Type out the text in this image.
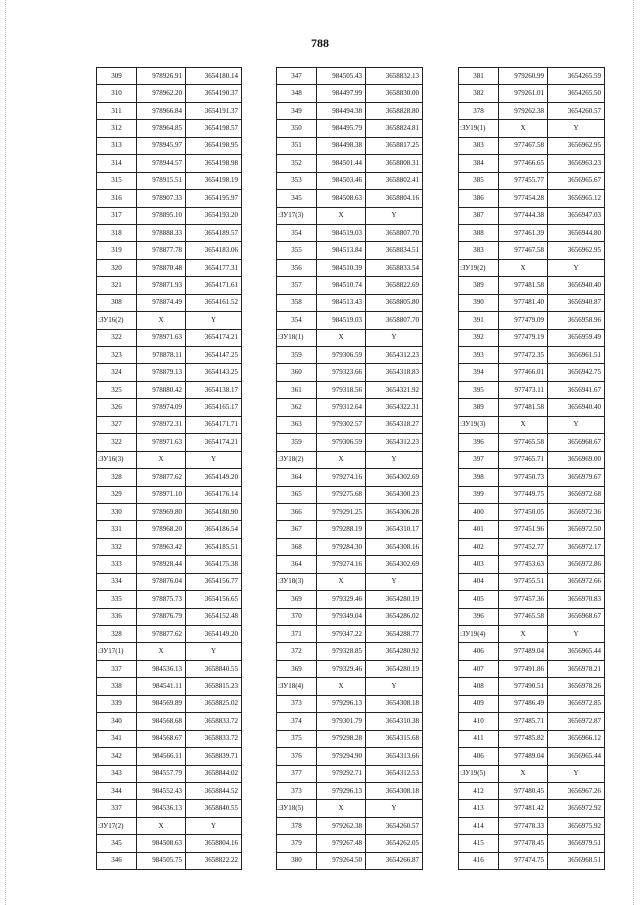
788
309	978926.91	3654180.14
310	978962.20	3654190.37
311	978966.84	3654191.37
312	978964.85	3654198.57
313	978945.97	3654198.95
314	978944.57	3654198.98
315	978915.51	3654198.19
316	978907.33	3654195.97
317	978895.10	3654193.20
318	978888.33	3654189.57
319	978877.78	3654183.06
320	978870.48	3654177.31
321	978871.93	3654171.61
308	978874.49	3654161.52
:ЗУ16(2)	X	Y
322	978971.63	3654174.21
323	978878.11	3654147.25
324	978879.13	3654143.25
325	978880.42	3654138.17
326	978974.09	3654165.17
327	978972.31	3654171.71
322	978971.63	3654174.21
:ЗУ16(3)	X	Y
328	978877.62	3654149.20
329	978971.10	3654176.14
330	978969.80	3654180.90
331	978968.20	3654186.54
332	978963.42	3654185.51
333	978928.44	3654175.38
334	978876.04	3654156.77
335	978875.73	3654156.65
336	978876.79	3654152.48
328	978877.62	3654149.20
:ЗУ17(1)	X	Y
337	984536.13	3658840.55
338	984541.11	3658815.23
339	984569.89	3658825.02
340	984568.68	3658833.72
341	984568.67	3658833.72
342	984566.11	3658839.71
343	984557.79	3658844.02
344	984552.43	3658844.52
337	984536.13	3658840.55
:ЗУ17(2)	X	Y
345	984508.63	3658804.16
346	984505.75	3658822.22
347	984505.43	3658832.13
348	984497.99	3658830.00
349	984494.38	3658828.80
350	984495.79	3658824.81
351	984498.38	3658817.25
352	984501.44	3658808.31
353	984503.46	3658802.41
345	984508.63	3658804.16
:ЗУ17(3)	X	Y
354	984519.03	3658807.70
355	984513.84	3658834.51
356	984510.39	3658833.54
357	984510.74	3658822.69
358	984513.43	3658805.80
354	984519.03	3658807.70
:ЗУ18(1)	X	Y
359	979306.59	3654312.23
360	979323.66	3654318.83
361	979318.56	3654321.92
362	979312.64	3654322.31
363	979302.57	3654318.27
359	979306.59	3654312.23
:ЗУ18(2)	X	Y
364	979274.16	3654302.69
365	979275.68	3654300.23
366	979291.25	3654306.28
367	979288.19	3654310.17
368	979284.30	3654308.16
364	979274.16	3654302.69
:ЗУ18(3)	X	Y
369	979329.46	3654280.19
370	979349.04	3654286.02
371	979347.22	3654288.77
372	979328.85	3654280.92
369	979329.46	3654280.19
:ЗУ18(4)	X	Y
373	979296.13	3654308.18
374	979301.79	3654310.38
375	979298.28	3654315.68
376	979294.90	3654313.66
377	979292.71	3654312.53
373	979296.13	3654308.18
:ЗУ18(5)	X	Y
378	979262.38	3654260.57
379	979267.48	3654262.05
380	979264.50	3654266.87
381	979260.99	3654265.59
382	979261.01	3654265.50
378	979262.38	3654260.57
:ЗУ19(1)	X	Y
383	977467.58	3656962.95
384	977466.65	3656963.23
385	977455.77	3656965.67
386	977454.28	3656965.12
387	977444.38	3656947.03
388	977461.39	3656944.80
383	977467.58	3656962.95
:ЗУ19(2)	X	Y
389	977481.58	3656940.40
390	977481.40	3656940.87
391	977479.09	3656958.96
392	977479.19	3656959.49
393	977472.35	3656961.51
394	977466.01	3656942.75
395	977473.11	3656941.67
389	977481.58	3656940.40
:ЗУ19(3)	X	Y
396	977465.58	3656968.67
397	977465.71	3656969.00
398	977450.73	3656979.67
399	977449.75	3656972.68
400	977450.05	3656972.36
401	977451.96	3656972.50
402	977452.77	3656972.17
403	977453.63	3656972.86
404	977455.51	3656972.66
405	977457.36	3656970.83
396	977465.58	3656968.67
:ЗУ19(4)	X	Y
406	977489.04	3656965.44
407	977491.86	3656978.21
408	977490.51	3656978.26
409	977486.49	3656972.85
410	977485.71	3656972.87
411	977485.82	3656966.12
406	977489.04	3656965.44
:ЗУ19(5)	X	Y
412	977480.45	3656967.26
413	977481.42	3656972.92
414	977478.33	3656975.92
415	977478.45	3656979.51
416	977474.75	3656968.51
